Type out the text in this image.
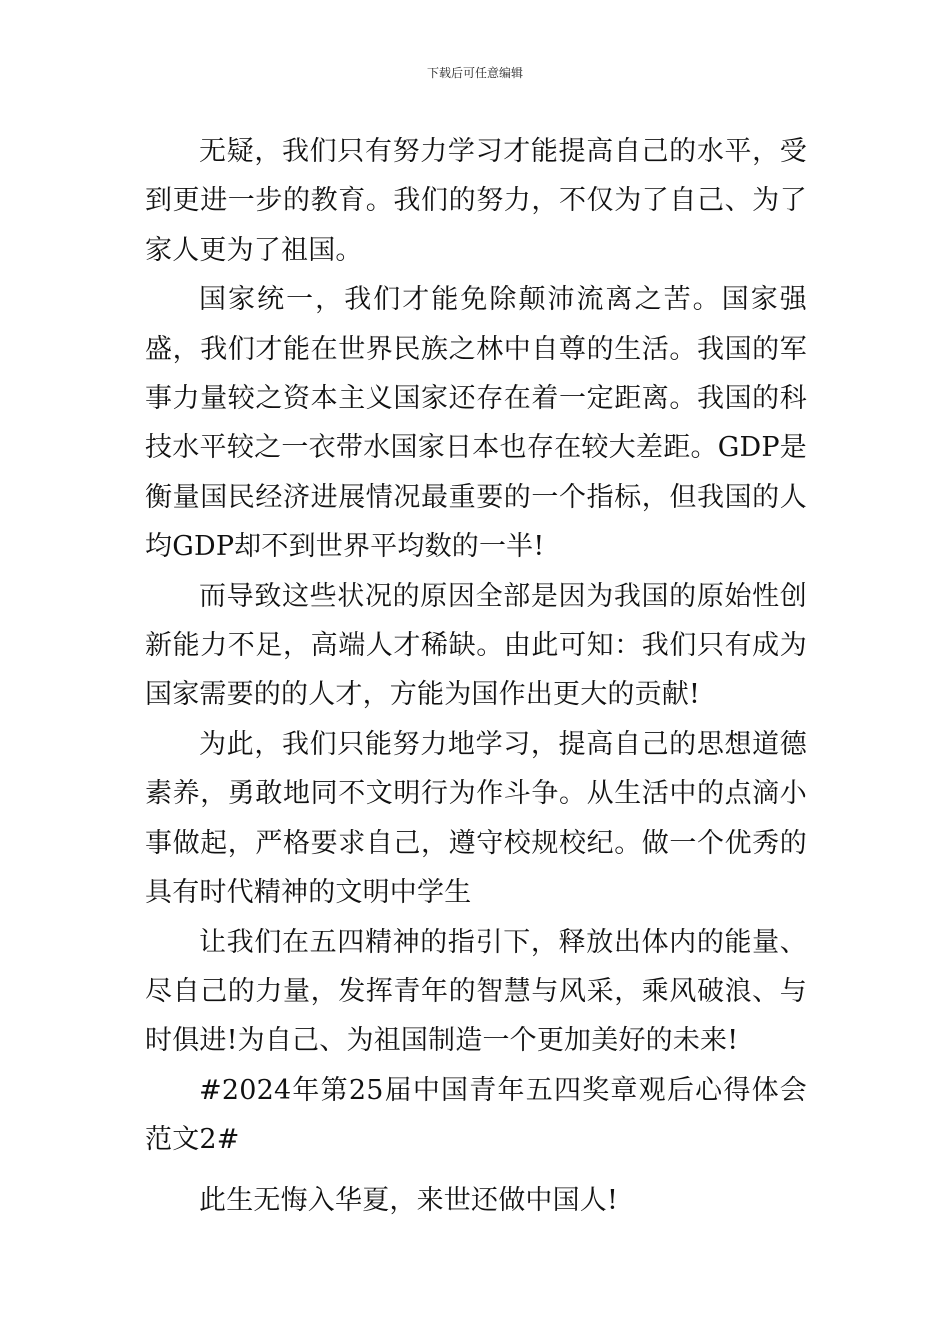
下载后可任意编辑

无疑，我们只有努力学习才能提高自己的水平，受到更进一步的教育。我们的努力，不仅为了自己、为了家人更为了祖国。

国家统一，我们才能免除颠沛流离之苦。国家强盛，我们才能在世界民族之林中自尊的生活。我国的军事力量较之资本主义国家还存在着一定距离。我国的科技水平较之一衣带水国家日本也存在较大差距。GDP是衡量国民经济进展情况最重要的一个指标，但我国的人均GDP却不到世界平均数的一半!

而导致这些状况的原因全部是因为我国的原始性创新能力不足，高端人才稀缺。由此可知：我们只有成为国家需要的的人才，方能为国作出更大的贡献!

为此，我们只能努力地学习，提高自己的思想道德素养，勇敢地同不文明行为作斗争。从生活中的点滴小事做起，严格要求自己，遵守校规校纪。做一个优秀的具有时代精神的文明中学生

让我们在五四精神的指引下，释放出体内的能量、尽自己的力量，发挥青年的智慧与风采，乘风破浪、与时俱进!为自己、为祖国制造一个更加美好的未来!

#2024年第25届中国青年五四奖章观后心得体会范文2#

此生无悔入华夏，来世还做中国人!
